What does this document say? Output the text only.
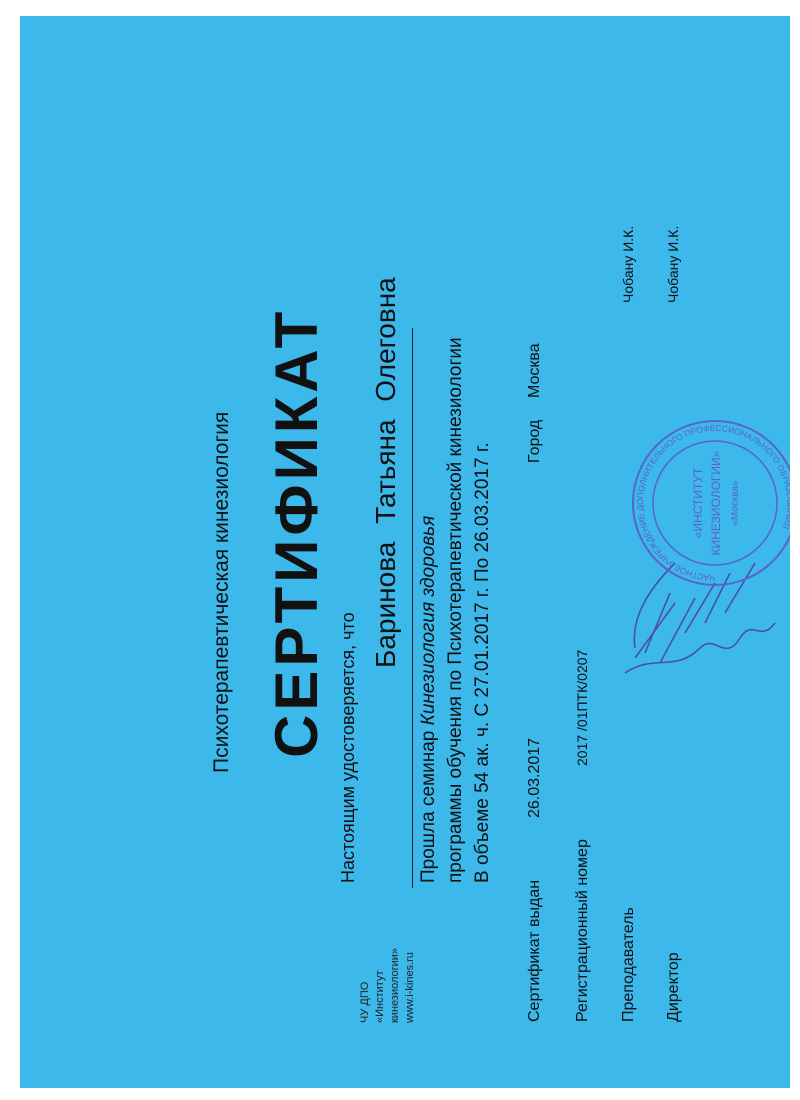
Психотерапевтическая кинезиология СЕРТИФИКАТ Настоящим удостоверяется, что
Баринова Татьяна Олеговна
Прошла семинар Кинезиология здоровья программы обучения по Психотерапевтической кинезиологии В объеме 54 ак. ч. С 27.01.2017 г. По 26.03.2017 г.
ЧУ ДПО «Институт кинезиологии» www.i-kines.ru	Сертификат выдан
26.03.2017
Город
Москва
Регистрационный номер
2017 /01ПТК/0207
Преподаватель
Чобану И.К.
Директор
Чобану И.К.
ЧАСТНОЕ УЧРЕЖДЕНИЕ ДОПОЛНИТЕЛЬНОГО ПРОФЕССИОНАЛЬНОГО ОБРАЗОВАНИЯ
«ИНСТИТУТ КИНЕЗИОЛОГИИ» «Москва»
